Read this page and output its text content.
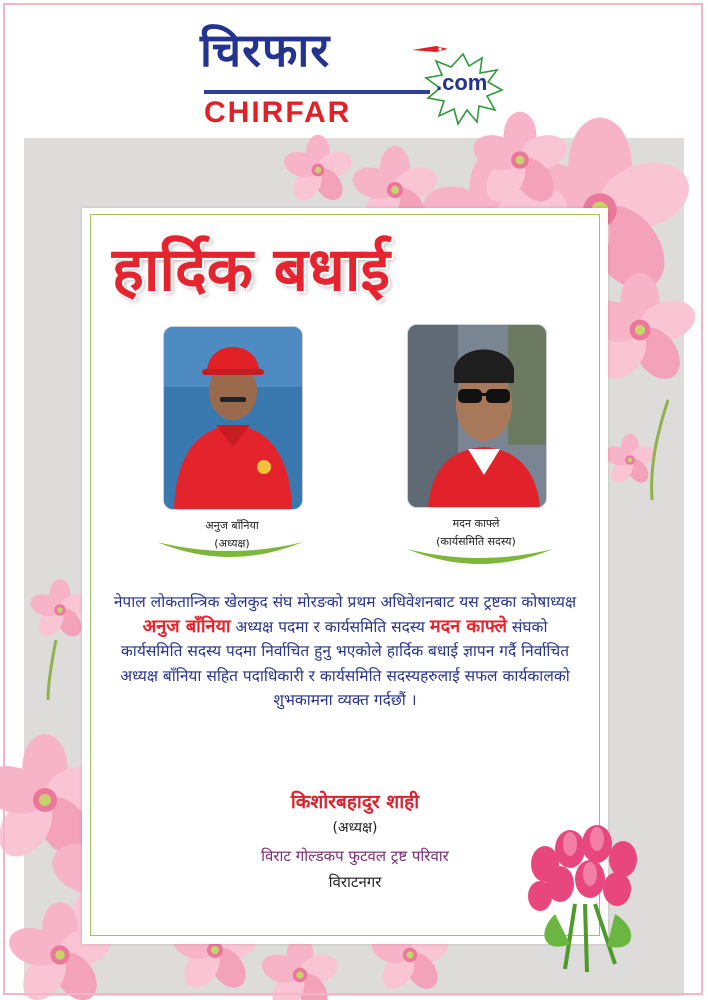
चिरफार
CHIRFAR
.com
हार्दिक बधाई
अनुज बाँनिया
(अध्यक्ष)
मदन काफ्ले
(कार्यसमिति सदस्य)
नेपाल लोकतान्त्रिक खेलकुद संघ मोरङको प्रथम अधिवेशनबाट यस ट्रष्टका कोषाध्यक्ष अनुज बाँनिया अध्यक्ष पदमा र कार्यसमिति सदस्य मदन काफ्ले संघको कार्यसमिति सदस्य पदमा निर्वाचित हुनु भएकोले हार्दिक बधाई ज्ञापन गर्दै निर्वाचित अध्यक्ष बाँनिया सहित पदाधिकारी र कार्यसमिति सदस्यहरुलाई सफल कार्यकालको शुभकामना व्यक्त गर्दछौं ।
किशोरबहादुर शाही
(अध्यक्ष)
विराट गोल्डकप फुटवल ट्रष्ट परिवार
विराटनगर
